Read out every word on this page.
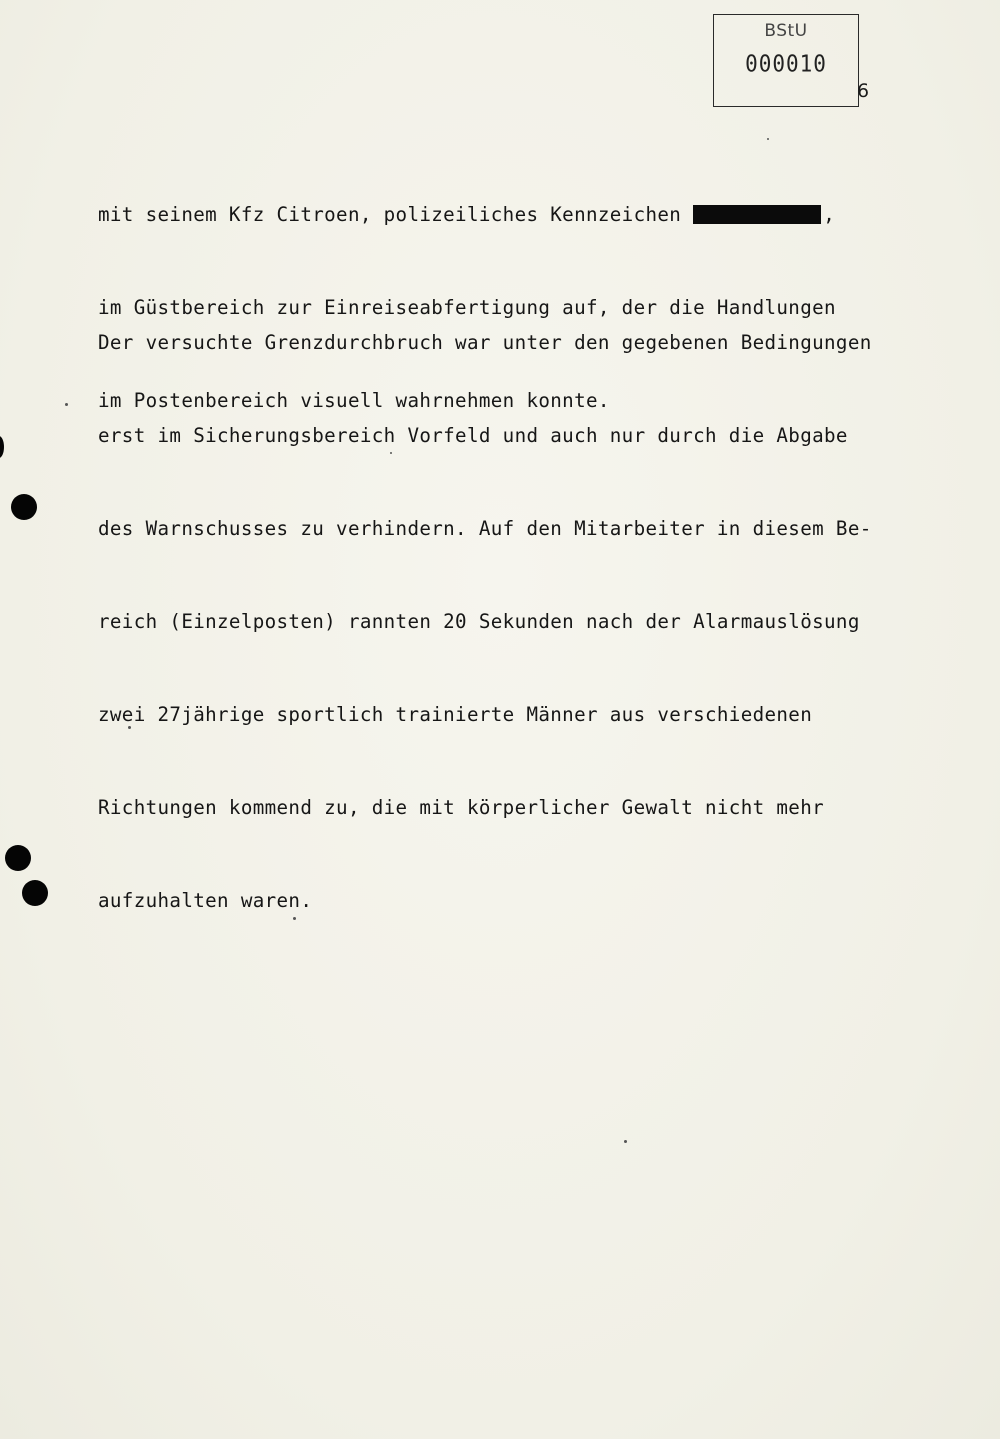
BStU
000010
6

mit seinem Kfz Citroen, polizeiliches Kennzeichen	,

im Güstbereich zur Einreiseabfertigung auf, der die Handlungen

im Postenbereich visuell wahrnehmen konnte.

Der versuchte Grenzdurchbruch war unter den gegebenen Bedingungen

erst im Sicherungsbereich Vorfeld und auch nur durch die Abgabe

des Warnschusses zu verhindern. Auf den Mitarbeiter in diesem Be-

reich (Einzelposten) rannten 20 Sekunden nach der Alarmauslösung

zwei 27jährige sportlich trainierte Männer aus verschiedenen

Richtungen kommend zu, die mit körperlicher Gewalt nicht mehr

aufzuhalten waren.
